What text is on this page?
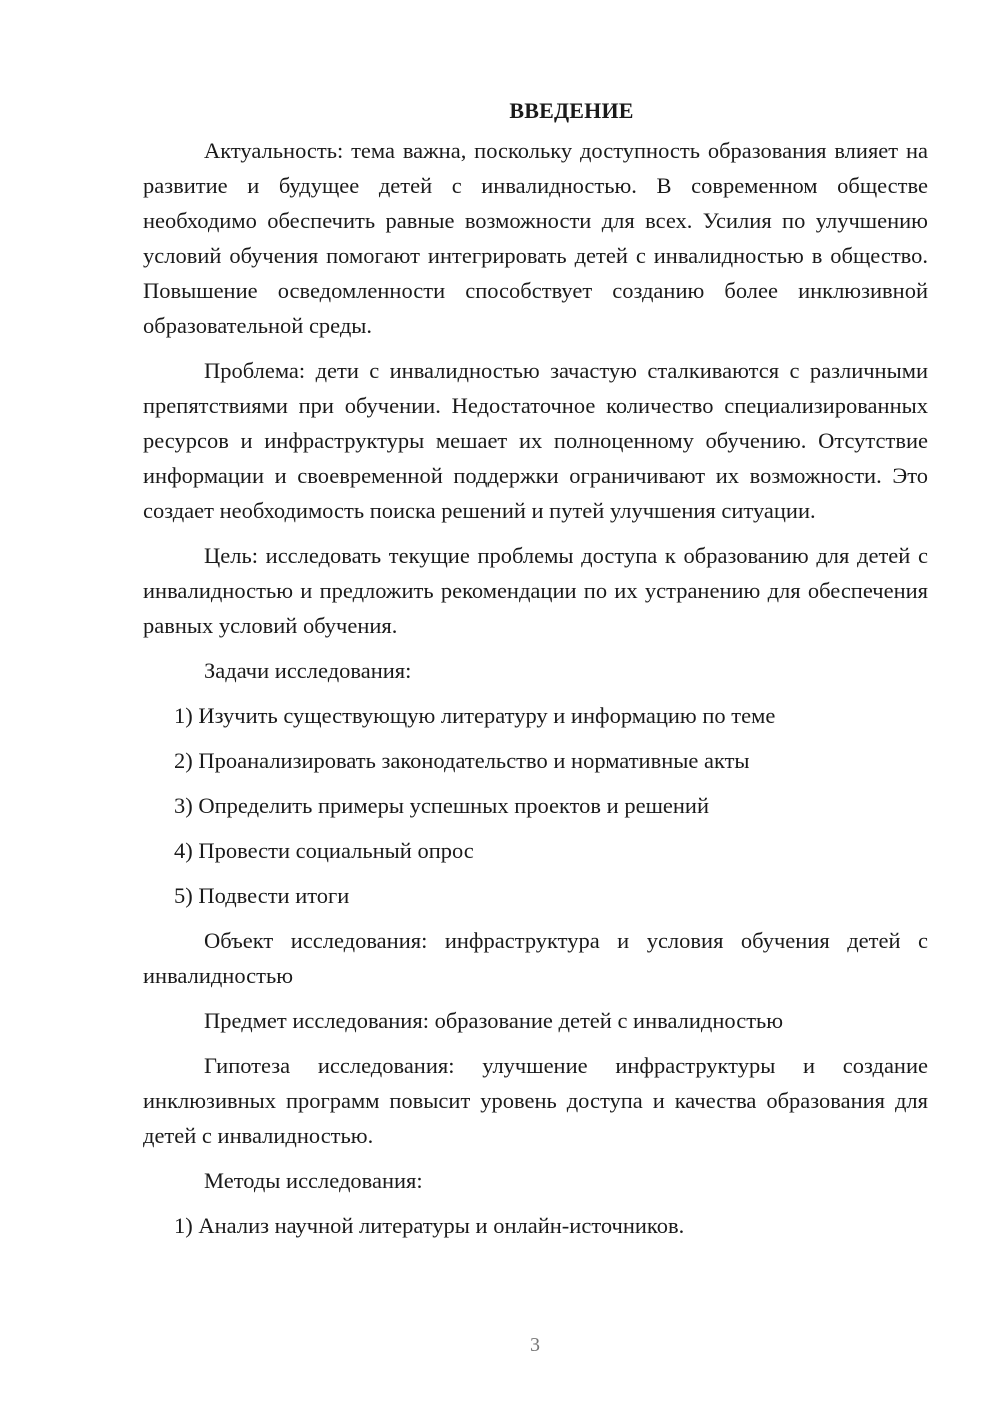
ВВЕДЕНИЕ

Актуальность: тема важна, поскольку доступность образования влияет на развитие и будущее детей с инвалидностью. В современном обществе необходимо обеспечить равные возможности для всех. Усилия по улучшению условий обучения помогают интегрировать детей с инвалидностью в общество. Повышение осведомленности способствует созданию более инклюзивной образовательной среды.

Проблема: дети с инвалидностью зачастую сталкиваются с различными препятствиями при обучении. Недостаточное количество специализированных ресурсов и инфраструктуры мешает их полноценному обучению. Отсутствие информации и своевременной поддержки ограничивают их возможности. Это создает необходимость поиска решений и путей улучшения ситуации.

Цель: исследовать текущие проблемы доступа к образованию для детей с инвалидностью и предложить рекомендации по их устранению для обеспечения равных условий обучения.

Задачи исследования:
1) Изучить существующую литературу и информацию по теме
2) Проанализировать законодательство и нормативные акты
3) Определить примеры успешных проектов и решений
4) Провести социальный опрос
5) Подвести итоги

Объект исследования: инфраструктура и условия обучения детей с инвалидностью

Предмет исследования: образование детей с инвалидностью

Гипотеза исследования: улучшение инфраструктуры и создание инклюзивных программ повысит уровень доступа и качества образования для детей с инвалидностью.

Методы исследования:
1) Анализ научной литературы и онлайн-источников.
3
